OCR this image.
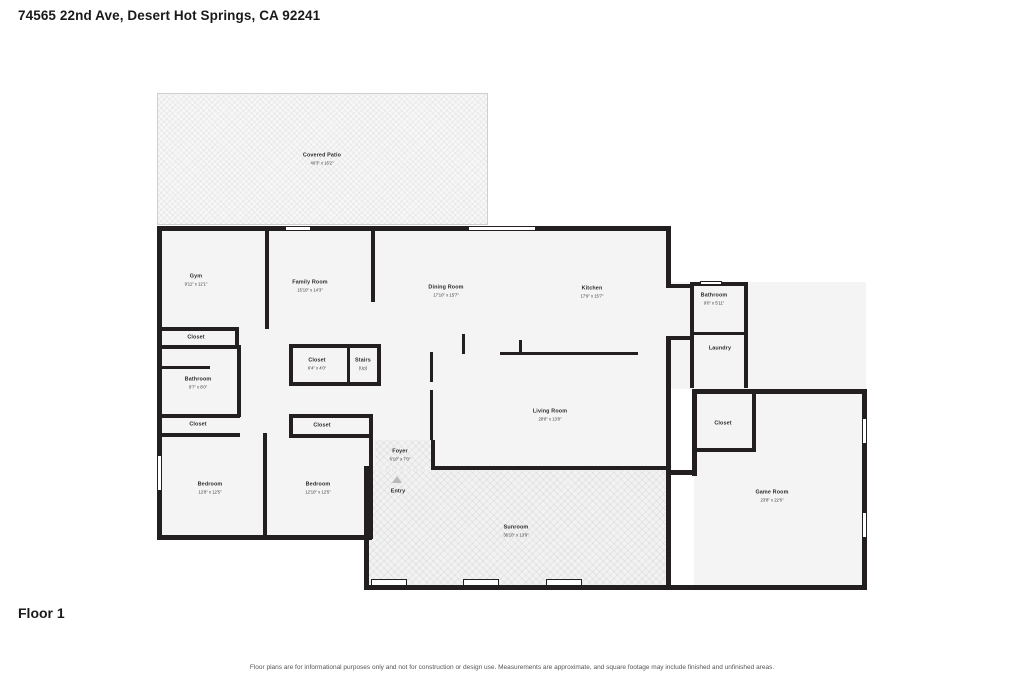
74565 22nd Ave, Desert Hot Springs, CA 92241
Covered Patio
40'3" x 16'2"
Gym
9'11" x 12'1"	Family Room
15'10" x 14'3"	Dining Room
17'10" x 15'7"
Kitchen
17'9" x 15'7"	Bathroom
9'0" x 5'11"
Laundry
Closet
Closet
6'4" x 4'0"
Stairs
(Up)
Bathroom
9'7" x 8'0"
Closet	Closet	Closet
Bedroom
12'8" x 12'5"
Bedroom
12'10" x 12'5"
Living Room
28'8" x 13'8"
Foyer
6'10" x 7'0"
Sunroom
36'10" x 13'9"
Game Room
23'8" x 22'6"
Entry
Floor 1
Floor plans are for informational purposes only and not for construction or design use. Measurements are approximate, and square footage may include finished and unfinished areas.
